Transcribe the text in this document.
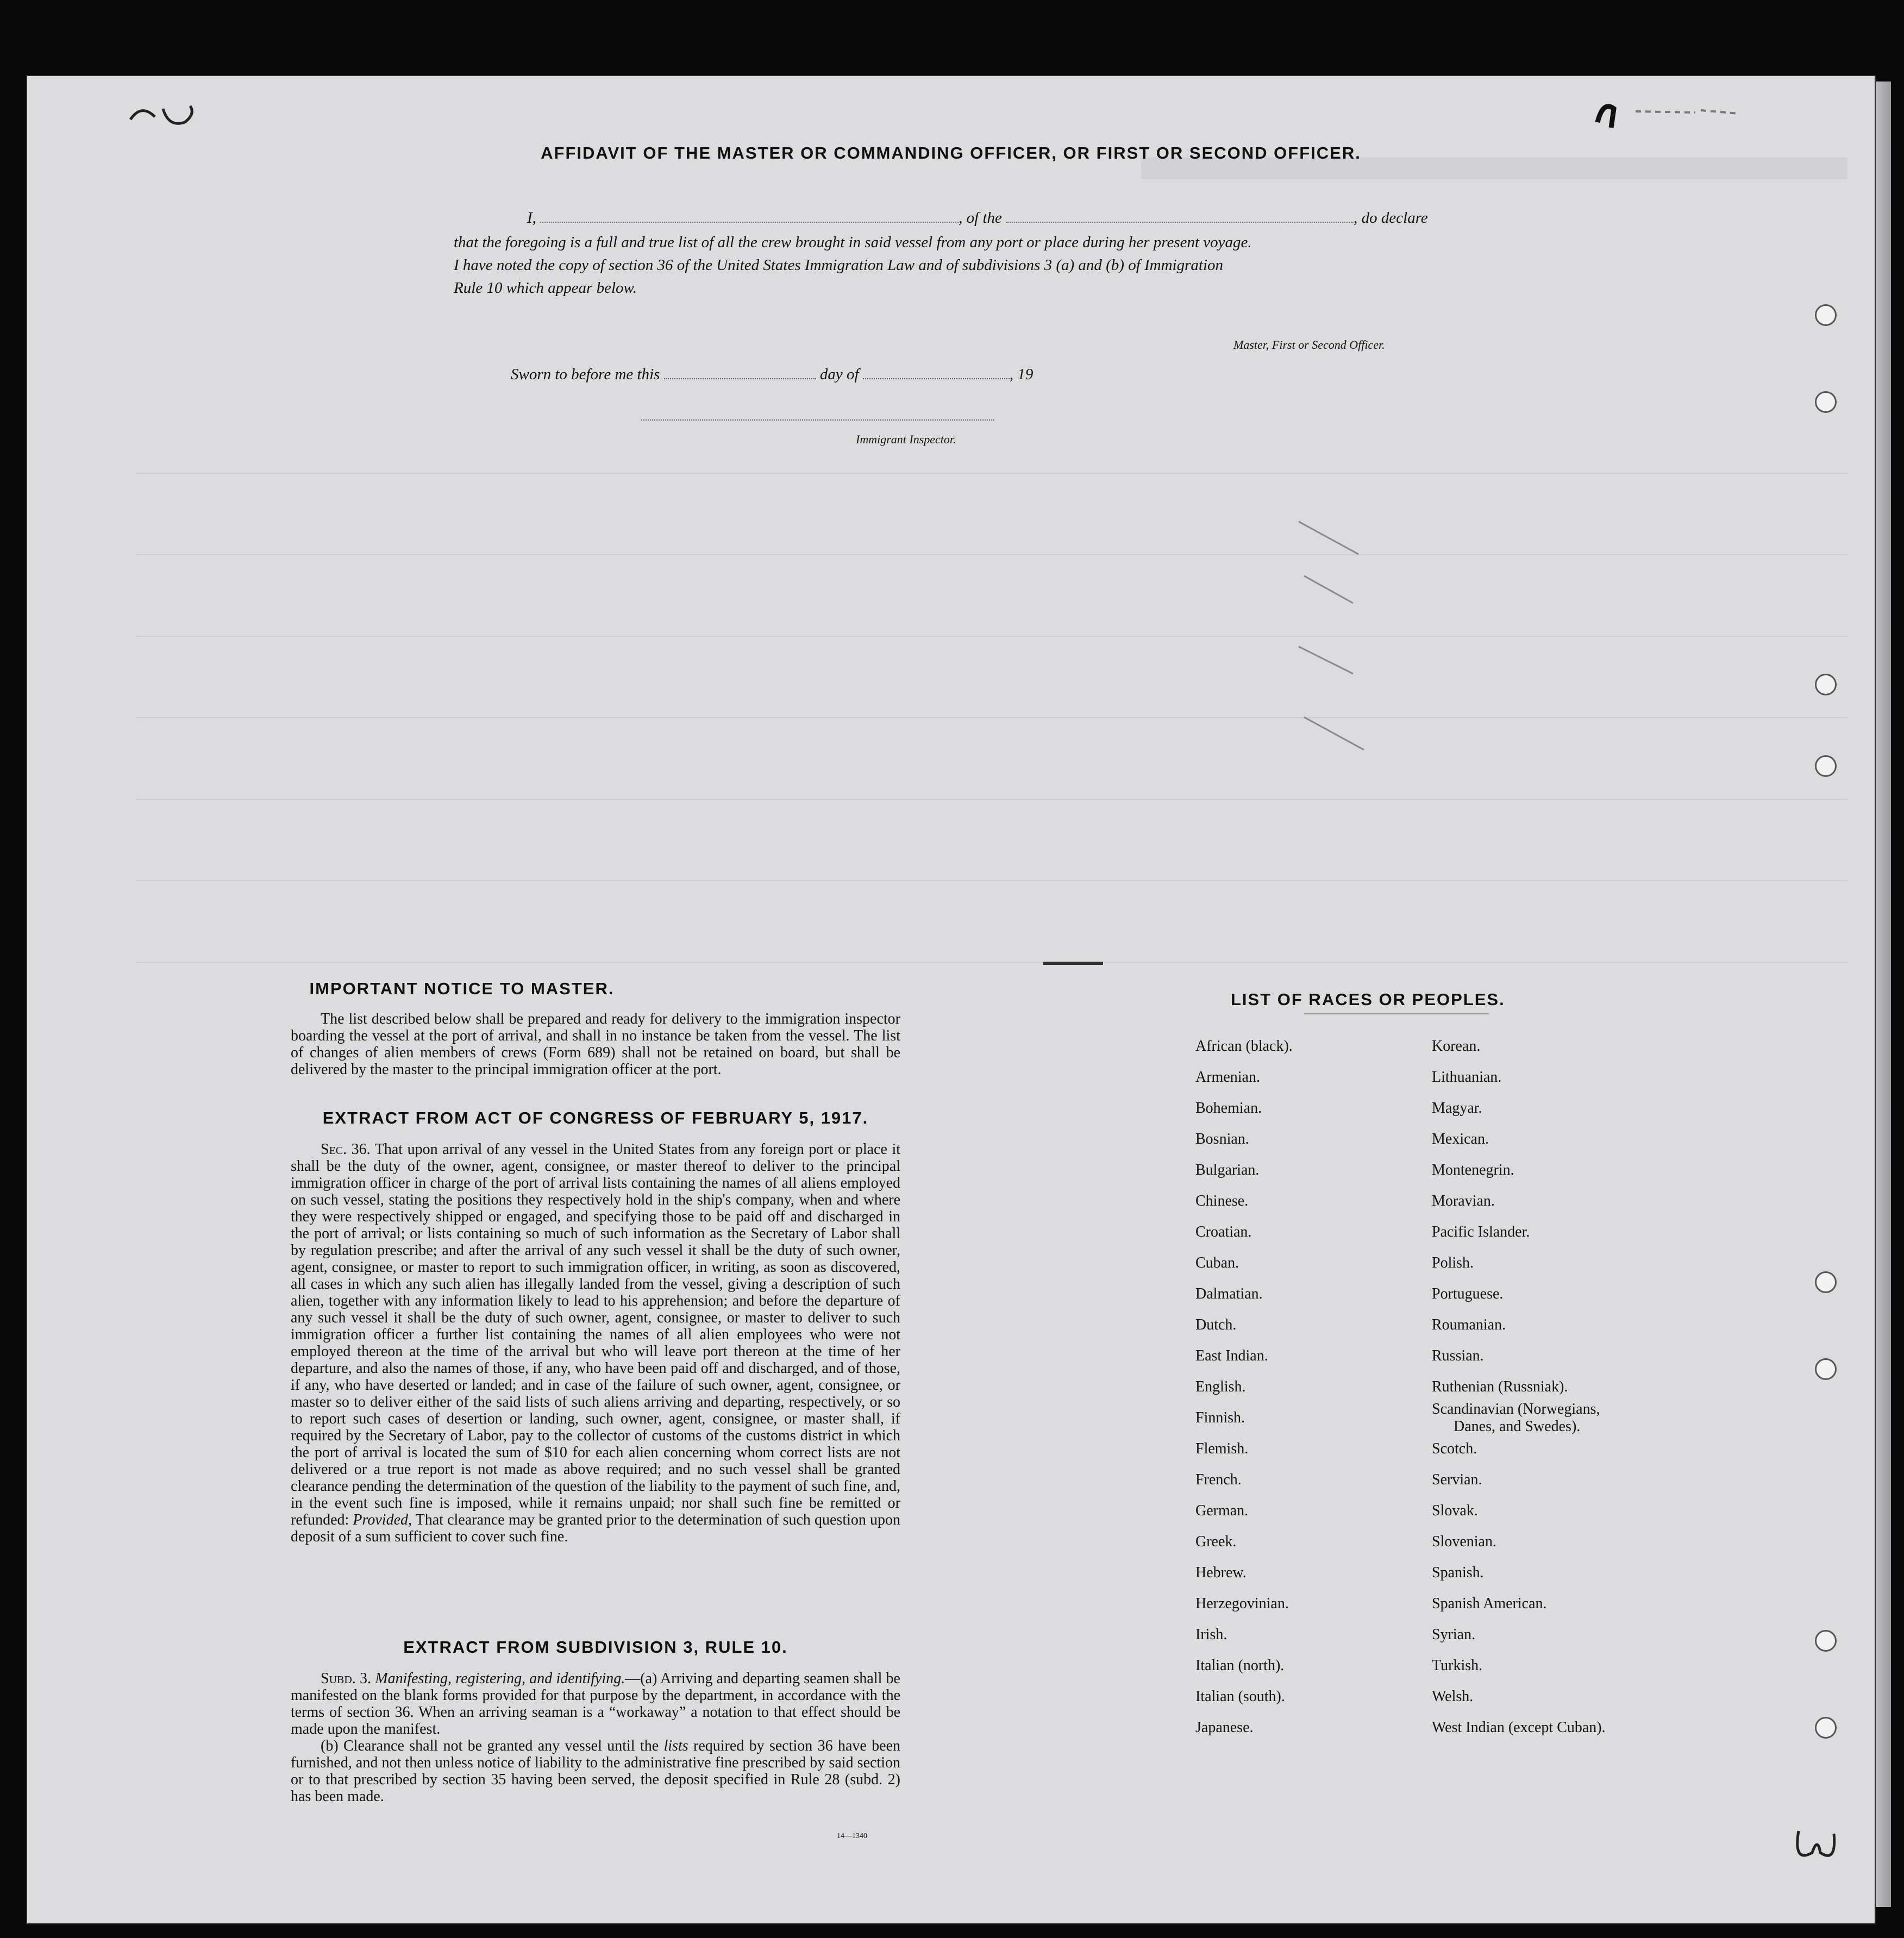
AFFIDAVIT OF THE MASTER OR COMMANDING OFFICER, OR FIRST OR SECOND OFFICER.
I,	, of the	, do declare
that the foregoing is a full and true list of all the crew brought in said vessel from any port or place during her present voyage.
I have noted the copy of section 36 of the United States Immigration Law and of subdivisions 3 (a) and (b) of Immigration
Rule 10 which appear below.
Master, First or Second Officer.
Sworn to before me this	day of	, 19
Immigrant Inspector.
IMPORTANT NOTICE TO MASTER.

The list described below shall be prepared and ready for delivery to the immigration inspector boarding the vessel at the port of arrival, and shall in no instance be taken from the vessel. The list of changes of alien members of crews (Form 689) shall not be retained on board, but shall be delivered by the master to the principal immigration officer at the port.

EXTRACT FROM ACT OF CONGRESS OF FEBRUARY 5, 1917.

Sec. 36. That upon arrival of any vessel in the United States from any foreign port or place it shall be the duty of the owner, agent, consignee, or master thereof to deliver to the principal immigration officer in charge of the port of arrival lists containing the names of all aliens employed on such vessel, stating the positions they respectively hold in the ship's company, when and where they were respectively shipped or engaged, and specifying those to be paid off and discharged in the port of arrival; or lists containing so much of such information as the Secretary of Labor shall by regulation prescribe; and after the arrival of any such vessel it shall be the duty of such owner, agent, consignee, or master to report to such immigration officer, in writing, as soon as discovered, all cases in which any such alien has illegally landed from the vessel, giving a description of such alien, together with any information likely to lead to his apprehension; and before the departure of any such vessel it shall be the duty of such owner, agent, consignee, or master to deliver to such immigration officer a further list containing the names of all alien employees who were not employed thereon at the time of the arrival but who will leave port thereon at the time of her departure, and also the names of those, if any, who have been paid off and discharged, and of those, if any, who have deserted or landed; and in case of the failure of such owner, agent, consignee, or master so to deliver either of the said lists of such aliens arriving and departing, respectively, or so to report such cases of desertion or landing, such owner, agent, consignee, or master shall, if required by the Secretary of Labor, pay to the collector of customs of the customs district in which the port of arrival is located the sum of $10 for each alien concerning whom correct lists are not delivered or a true report is not made as above required; and no such vessel shall be granted clearance pending the determination of the question of the liability to the payment of such fine, and, in the event such fine is imposed, while it remains unpaid; nor shall such fine be remitted or refunded: Provided, That clearance may be granted prior to the determination of such question upon deposit of a sum sufficient to cover such fine.

EXTRACT FROM SUBDIVISION 3, RULE 10.

Subd. 3. Manifesting, registering, and identifying.—(a) Arriving and departing seamen shall be manifested on the blank forms provided for that purpose by the department, in accordance with the terms of section 36. When an arriving seaman is a “workaway” a notation to that effect should be made upon the manifest.

(b) Clearance shall not be granted any vessel until the lists required by section 36 have been furnished, and not then unless notice of liability to the administrative fine prescribed by said section or to that prescribed by section 35 having been served, the deposit specified in Rule 28 (subd. 2) has been made.

14—1340
LIST OF RACES OR PEOPLES.
African (black).
Armenian.
Bohemian.
Bosnian.
Bulgarian.
Chinese.
Croatian.
Cuban.
Dalmatian.
Dutch.
East Indian.
English.
Finnish.
Flemish.
French.
German.
Greek.
Hebrew.
Herzegovinian.
Irish.
Italian (north).
Italian (south).
Japanese.
Korean.
Lithuanian.
Magyar.
Mexican.
Montenegrin.
Moravian.
Pacific Islander.
Polish.
Portuguese.
Roumanian.
Russian.
Ruthenian (Russniak).
Scandinavian (Norwegians,
Danes, and Swedes).
Scotch.
Servian.
Slovak.
Slovenian.
Spanish.
Spanish American.
Syrian.
Turkish.
Welsh.
West Indian (except Cuban).
